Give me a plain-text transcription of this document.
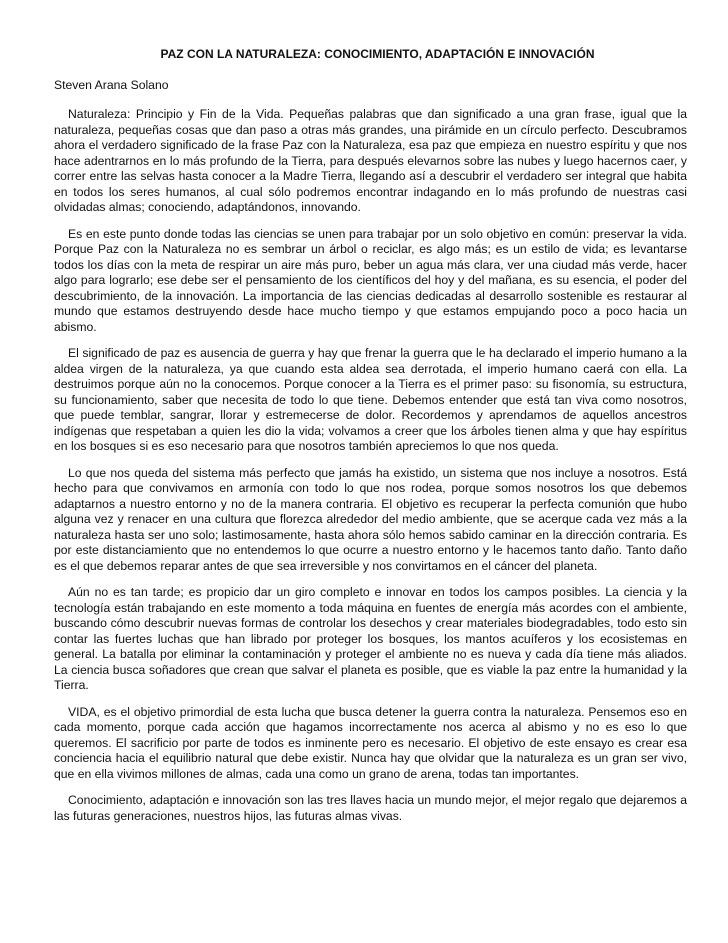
PAZ CON LA NATURALEZA: CONOCIMIENTO, ADAPTACIÓN E INNOVACIÓN

Steven Arana Solano

Naturaleza: Principio y Fin de la Vida. Pequeñas palabras que dan significado a una gran frase, igual que la naturaleza, pequeñas cosas que dan paso a otras más grandes, una pirámide en un círculo perfecto. Descubramos ahora el verdadero significado de la frase Paz con la Naturaleza, esa paz que empieza en nuestro espíritu y que nos hace adentrarnos en lo más profundo de la Tierra, para después elevarnos sobre las nubes y luego hacernos caer, y correr entre las selvas hasta conocer a la Madre Tierra, llegando así a descubrir el verdadero ser integral que habita en todos los seres humanos, al cual sólo podremos encontrar indagando en lo más profundo de nuestras casi olvidadas almas; conociendo, adaptándonos, innovando.

Es en este punto donde todas las ciencias se unen para trabajar por un solo objetivo en común: preservar la vida. Porque Paz con la Naturaleza no es sembrar un árbol o reciclar, es algo más; es un estilo de vida; es levantarse todos los días con la meta de respirar un aire más puro, beber un agua más clara, ver una ciudad más verde, hacer algo para lograrlo; ese debe ser el pensamiento de los científicos del hoy y del mañana, es su esencia, el poder del descubrimiento, de la innovación. La importancia de las ciencias dedicadas al desarrollo sostenible es restaurar al mundo que estamos destruyendo desde hace mucho tiempo y que estamos empujando poco a poco hacia un abismo.

El significado de paz es ausencia de guerra y hay que frenar la guerra que le ha declarado el imperio humano a la aldea virgen de la naturaleza, ya que cuando esta aldea sea derrotada, el imperio humano caerá con ella. La destruimos porque aún no la conocemos. Porque conocer a la Tierra es el primer paso: su fisonomía, su estructura, su funcionamiento, saber que necesita de todo lo que tiene. Debemos entender que está tan viva como nosotros, que puede temblar, sangrar, llorar y estremecerse de dolor. Recordemos y aprendamos de aquellos ancestros indígenas que respetaban a quien les dio la vida; volvamos a creer que los árboles tienen alma y que hay espíritus en los bosques si es eso necesario para que nosotros también apreciemos lo que nos queda.

Lo que nos queda del sistema más perfecto que jamás ha existido, un sistema que nos incluye a nosotros. Está hecho para que convivamos en armonía con todo lo que nos rodea, porque somos nosotros los que debemos adaptarnos a nuestro entorno y no de la manera contraria. El objetivo es recuperar la perfecta comunión que hubo alguna vez y renacer en una cultura que florezca alrededor del medio ambiente, que se acerque cada vez más a la naturaleza hasta ser uno solo; lastimosamente, hasta ahora sólo hemos sabido caminar en la dirección contraria. Es por este distanciamiento que no entendemos lo que ocurre a nuestro entorno y le hacemos tanto daño. Tanto daño es el que debemos reparar antes de que sea irreversible y nos convirtamos en el cáncer del planeta.

Aún no es tan tarde; es propicio dar un giro completo e innovar en todos los campos posibles. La ciencia y la tecnología están trabajando en este momento a toda máquina en fuentes de energía más acordes con el ambiente, buscando cómo descubrir nuevas formas de controlar los desechos y crear materiales biodegradables, todo esto sin contar las fuertes luchas que han librado por proteger los bosques, los mantos acuíferos y los ecosistemas en general. La batalla por eliminar la contaminación y proteger el ambiente no es nueva y cada día tiene más aliados. La ciencia busca soñadores que crean que salvar el planeta es posible, que es viable la paz entre la humanidad y la Tierra.

VIDA, es el objetivo primordial de esta lucha que busca detener la guerra contra la naturaleza. Pensemos eso en cada momento, porque cada acción que hagamos incorrectamente nos acerca al abismo y no es eso lo que queremos. El sacrificio por parte de todos es inminente pero es necesario. El objetivo de este ensayo es crear esa conciencia hacia el equilibrio natural que debe existir. Nunca hay que olvidar que la naturaleza es un gran ser vivo, que en ella vivimos millones de almas, cada una como un grano de arena, todas tan importantes.

Conocimiento, adaptación e innovación son las tres llaves hacia un mundo mejor, el mejor regalo que dejaremos a las futuras generaciones, nuestros hijos, las futuras almas vivas.
